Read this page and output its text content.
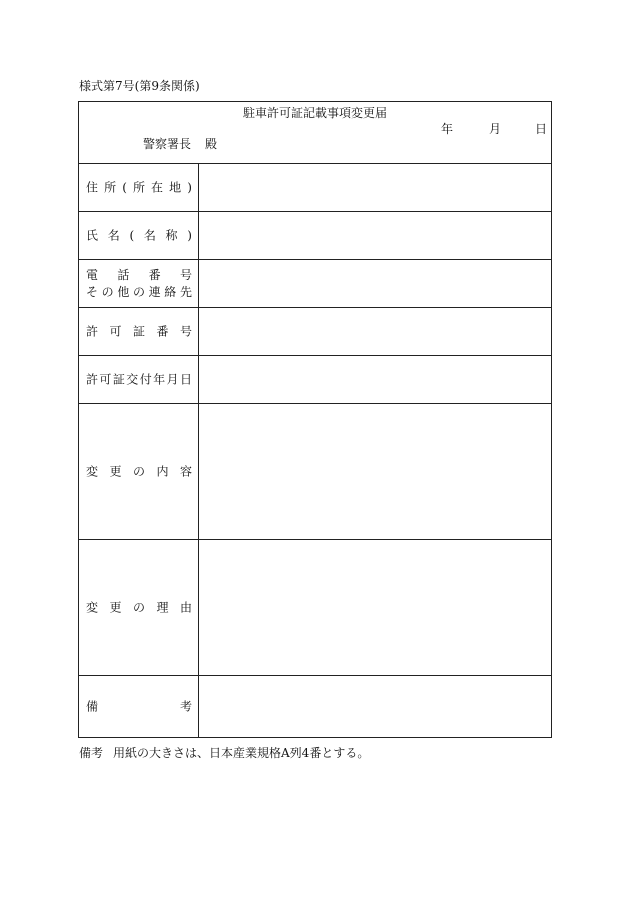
様式第7号(第9条関係)
駐車許可証記載事項変更届
年	月	日
警察署長 殿
住 所 ( 所 在 地 )
氏 名 ( 名 称 )
電 話 番 号
そ の 他 の 連 絡 先
許 可 証 番 号
許 可 証 交 付 年 月 日
変 更 の 内 容
変 更 の 理 由
備	考
備考 用紙の大きさは、日本産業規格A列4番とする。
